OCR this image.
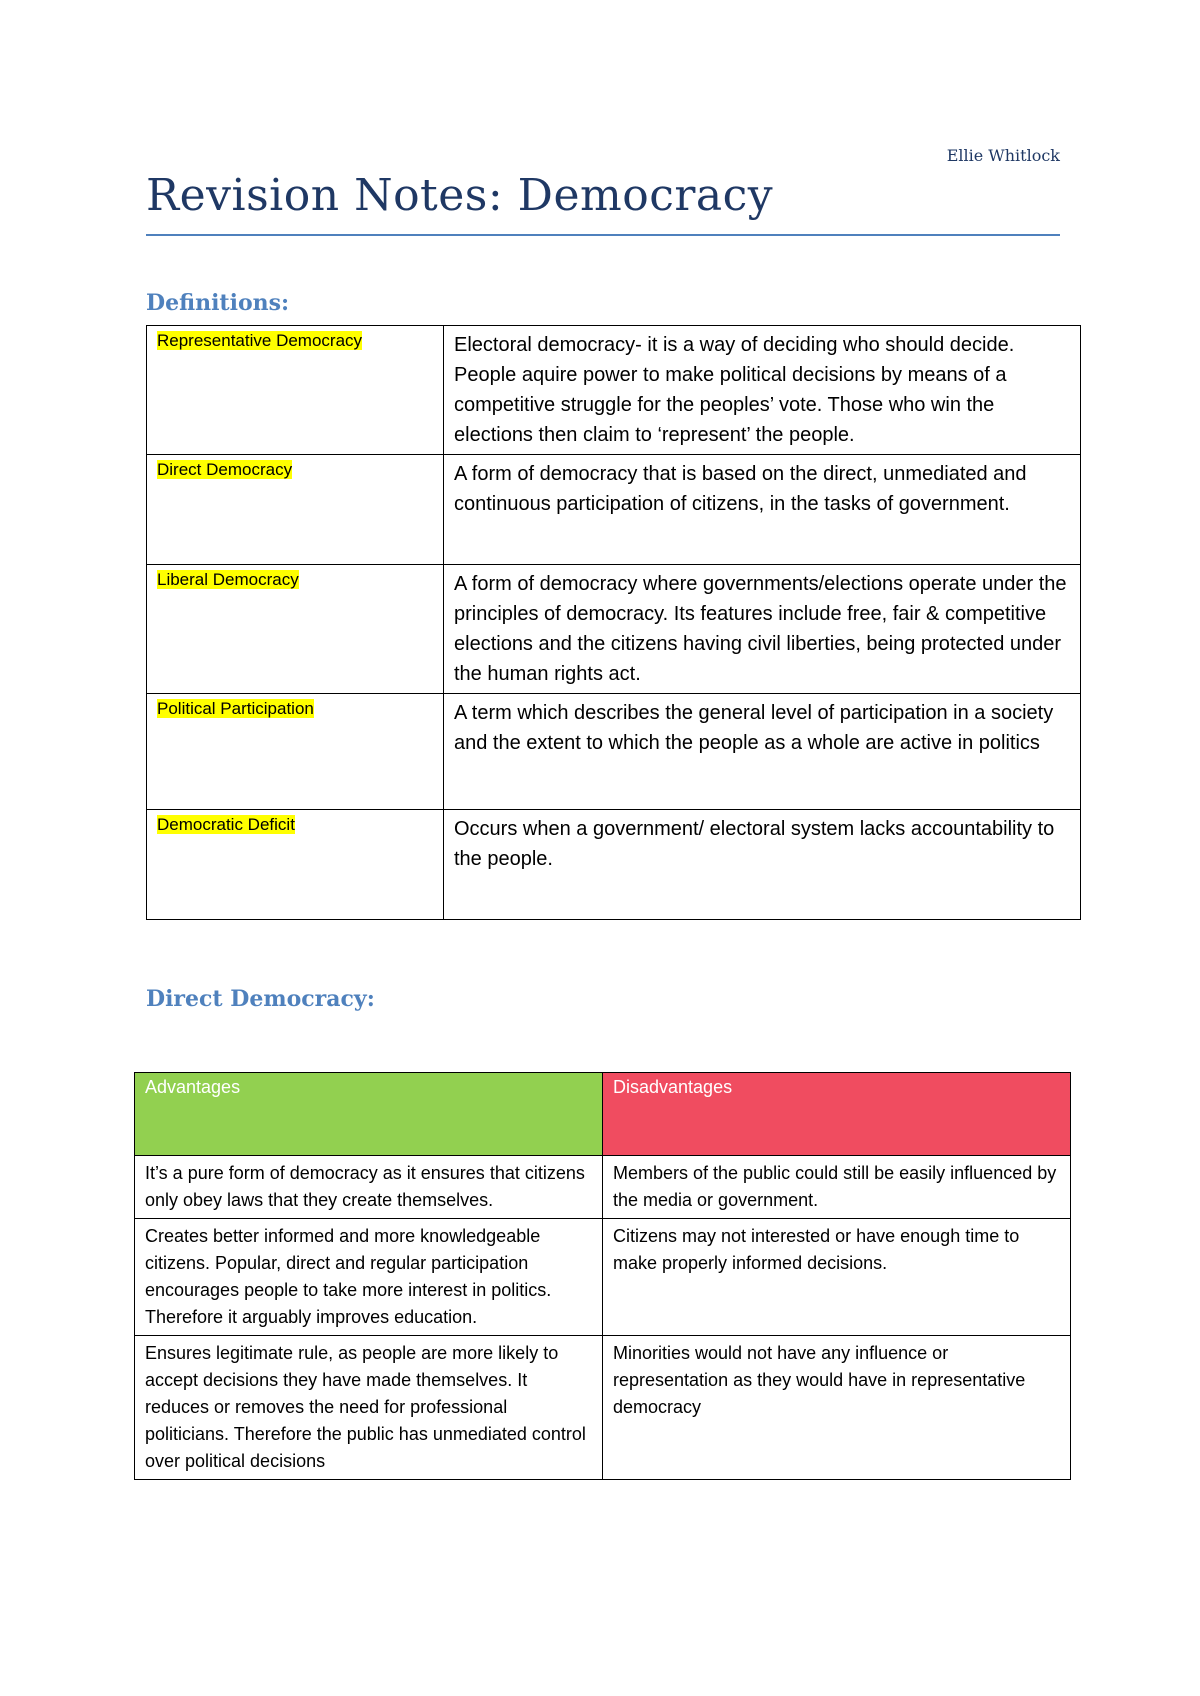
Ellie Whitlock
Revision Notes: Democracy
Definitions:
Representative Democracy	Electoral democracy- it is a way of deciding who should decide. People aquire power to make political decisions by means of a competitive struggle for the peoples’ vote. Those who win the elections then claim to ‘represent’ the people.

Direct Democracy	A form of democracy that is based on the direct, unmediated and continuous participation of citizens, in the tasks of government.

Liberal Democracy	A form of democracy where governments/elections operate under the principles of democracy. Its features include free, fair & competitive elections and the citizens having civil liberties, being protected under the human rights act.

Political Participation	A term which describes the general level of participation in a society and the extent to which the people as a whole are active in politics

Democratic Deficit	Occurs when a government/ electoral system lacks accountability to the people.
Direct Democracy:
Advantages	Disadvantages
It’s a pure form of democracy as it ensures that citizens only obey laws that they create themselves.	Members of the public could still be easily influenced by the media or government.
Creates better informed and more knowledgeable citizens. Popular, direct and regular participation encourages people to take more interest in politics. Therefore it arguably improves education.	Citizens may not interested or have enough time to make properly informed decisions.
Ensures legitimate rule, as people are more likely to accept decisions they have made themselves. It reduces or removes the need for professional politicians. Therefore the public has unmediated control over political decisions	Minorities would not have any influence or representation as they would have in representative democracy
